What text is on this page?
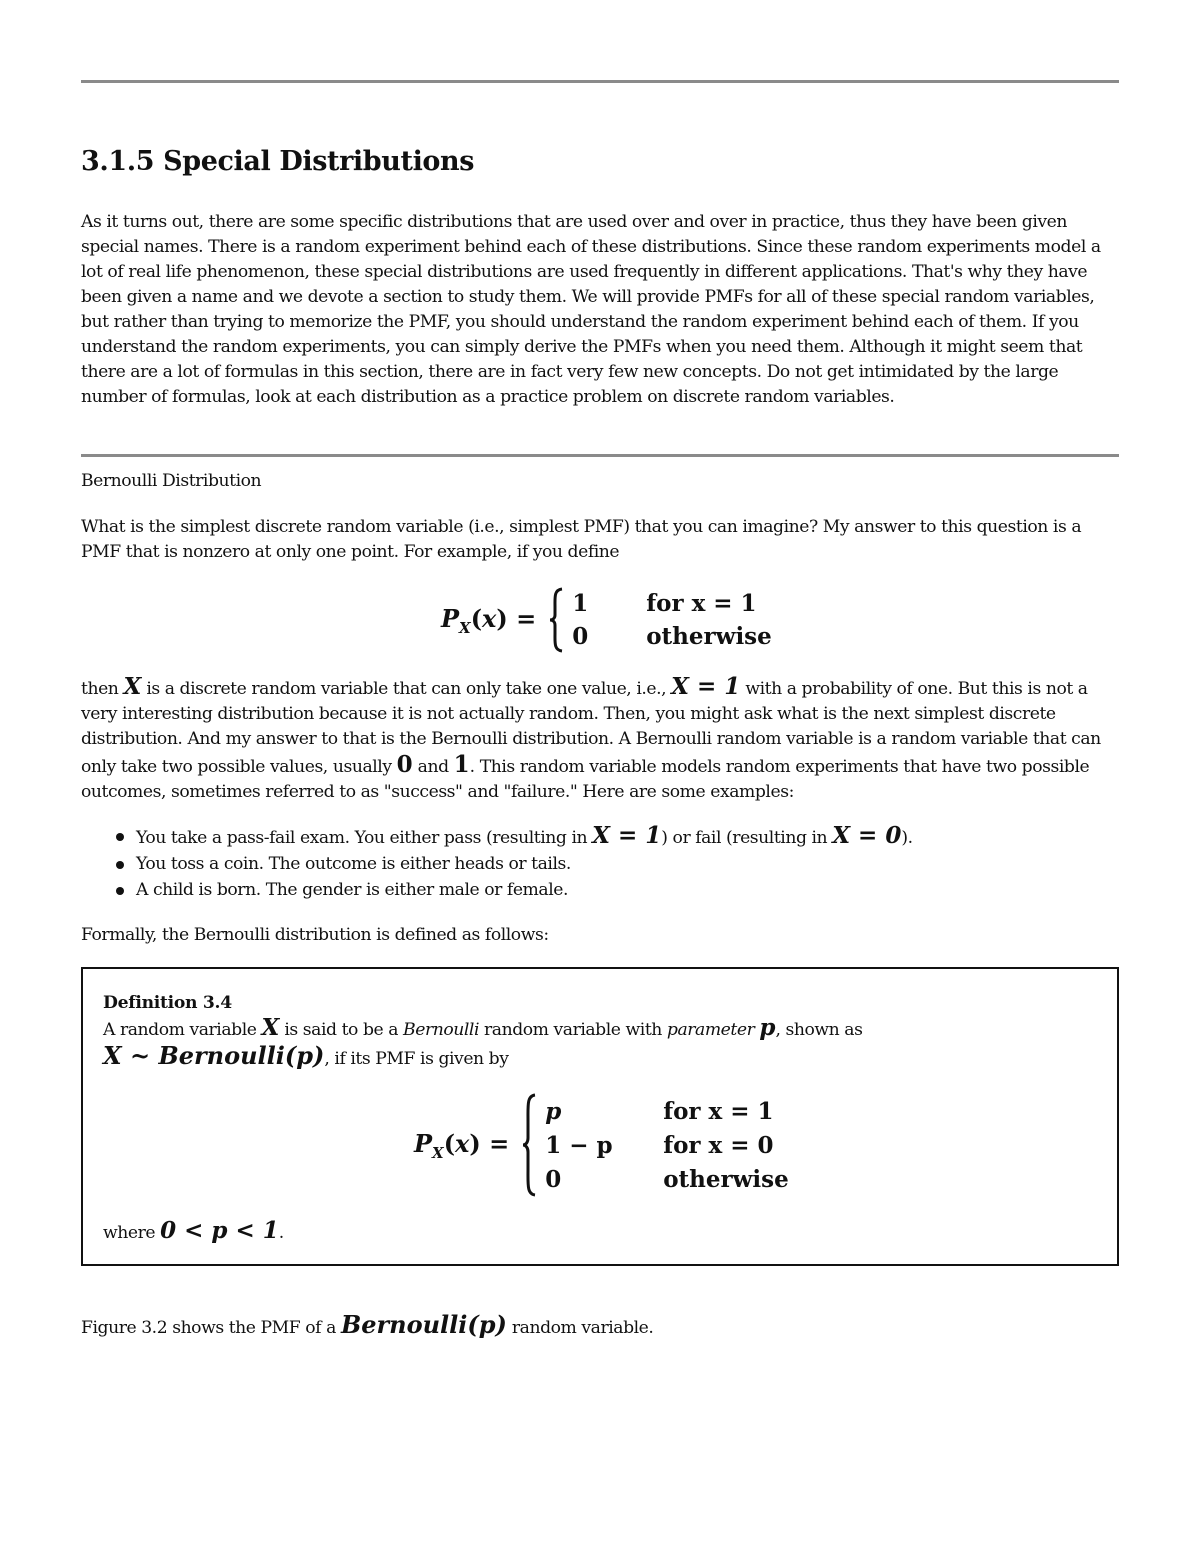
3.1.5 Special Distributions

As it turns out, there are some specific distributions that are used over and over in practice, thus they have been given special names. There is a random experiment behind each of these distributions. Since these random experiments model a lot of real life phenomenon, these special distributions are used frequently in different applications. That's why they have been given a name and we devote a section to study them. We will provide PMFs for all of these special random variables, but rather than trying to memorize the PMF, you should understand the random experiment behind each of them. If you understand the random experiments, you can simply derive the PMFs when you need them. Although it might seem that there are a lot of formulas in this section, there are in fact very few new concepts. Do not get intimidated by the large number of formulas, look at each distribution as a practice problem on discrete random variables.

Bernoulli Distribution

What is the simplest discrete random variable (i.e., simplest PMF) that you can imagine? My answer to this question is a PMF that is nonzero at only one point. For example, if you define

$P_X(x)$ =
1	for x = 1
0	otherwise

then X is a discrete random variable that can only take one value, i.e., X = 1 with a probability of one. But this is not a very interesting distribution because it is not actually random. Then, you might ask what is the next simplest discrete distribution. And my answer to that is the Bernoulli distribution. A Bernoulli random variable is a random variable that can only take two possible values, usually 0 and 1. This random variable models random experiments that have two possible outcomes, sometimes referred to as "success" and "failure." Here are some examples:

You take a pass-fail exam. You either pass (resulting in X = 1) or fail (resulting in X = 0).
You toss a coin. The outcome is either heads or tails.
A child is born. The gender is either male or female.

Formally, the Bernoulli distribution is defined as follows:

Definition 3.4
A random variable X is said to be a Bernoulli random variable with parameter p, shown as
X ~ Bernoulli(p), if its PMF is given by
$P_X(x)$ =
p	for x = 1
1 − p	for x = 0
0	otherwise
where 0 < p < 1.

Figure 3.2 shows the PMF of a Bernoulli(p) random variable.
